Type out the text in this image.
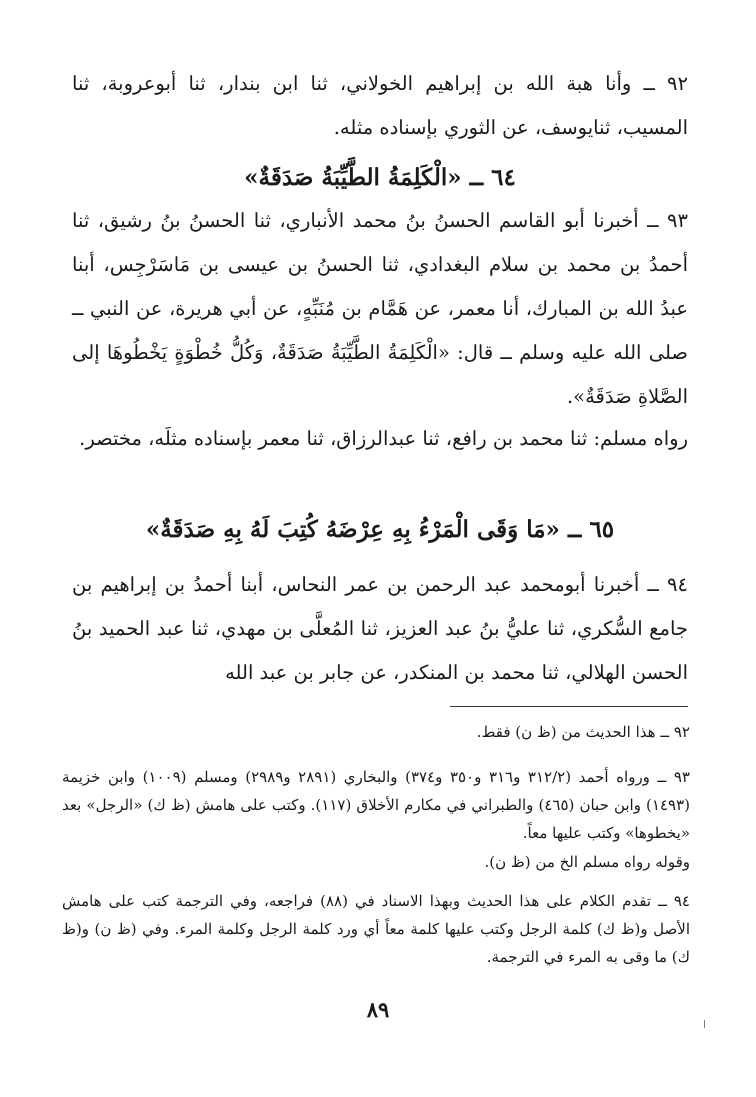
٩٢ ــ وأنا هبة الله بن إبراهيم الخولاني، ثنا ابن بندار، ثنا أبوعروبة، ثنا المسيب، ثنايوسف، عن الثوري بإسناده مثله.

٦٤ ــ «الْكَلِمَةُ الطَّيِّبَةُ صَدَقَةٌ»

٩٣ ــ أخبرنا أبو القاسم الحسنُ بنُ محمد الأنباري، ثنا الحسنُ بنُ رشيق، ثنا أحمدُ بن محمد بن سلام البغدادي، ثنا الحسنُ بن عيسى بن مَاسَرْجِس، أبنا عبدُ الله بن المبارك، أنا معمر، عن هَمَّام بن مُنَبِّهٍ، عن أبي هريرة، عن النبي ــ صلى الله عليه وسلم ــ قال: «الْكَلِمَةُ الطَّيِّبَةُ صَدَقَةٌ، وَكُلُّ خُطْوَةٍ يَخْطُوهَا إلى الصَّلاةِ صَدَقَةٌ».

رواه مسلم: ثنا محمد بن رافع، ثنا عبدالرزاق، ثنا معمر بإسناده مثلَه، مختصر.

٦٥ ــ «مَا وَقَى الْمَرْءُ بِهِ عِرْضَهُ كُتِبَ لَهُ بِهِ صَدَقَةٌ»

٩٤ ــ أخبرنا أبومحمد عبد الرحمن بن عمر النحاس، أبنا أحمدُ بن إبراهيم بن جامع السُّكري، ثنا عليُّ بنُ عبد العزيز، ثنا المُعلَّى بن مهدي، ثنا عبد الحميد بنُ الحسن الهلالي، ثنا محمد بن المنكدر، عن جابر بن عبد الله

٩٢ ــ هذا الحديث من (ظ ن) فقط.

٩٣ ــ ورواه أحمد (٣١٢/٢ و٣١٦ و٣٥٠ و٣٧٤) والبخاري (٢٨٩١ و٢٩٨٩) ومسلم (١٠٠٩) وابن خزيمة (١٤٩٣) وابن حبان (٤٦٥) والطبراني في مكارم الأخلاق (١١٧). وكتب على هامش (ظ ك) «الرجل» بعد «يخطوها» وكتب عليها معاً.

وقوله رواه مسلم الخ من (ظ ن).

٩٤ ــ تقدم الكلام على هذا الحديث وبهذا الاسناد في (٨٨) فراجعه، وفي الترجمة كتب على هامش الأصل و(ظ ك) كلمة الرجل وكتب عليها كلمة معاً أي ورد كلمة الرجل وكلمة المرء. وفي (ظ ن) و(ظ ك) ما وقى به المرء في الترجمة.

٨٩
